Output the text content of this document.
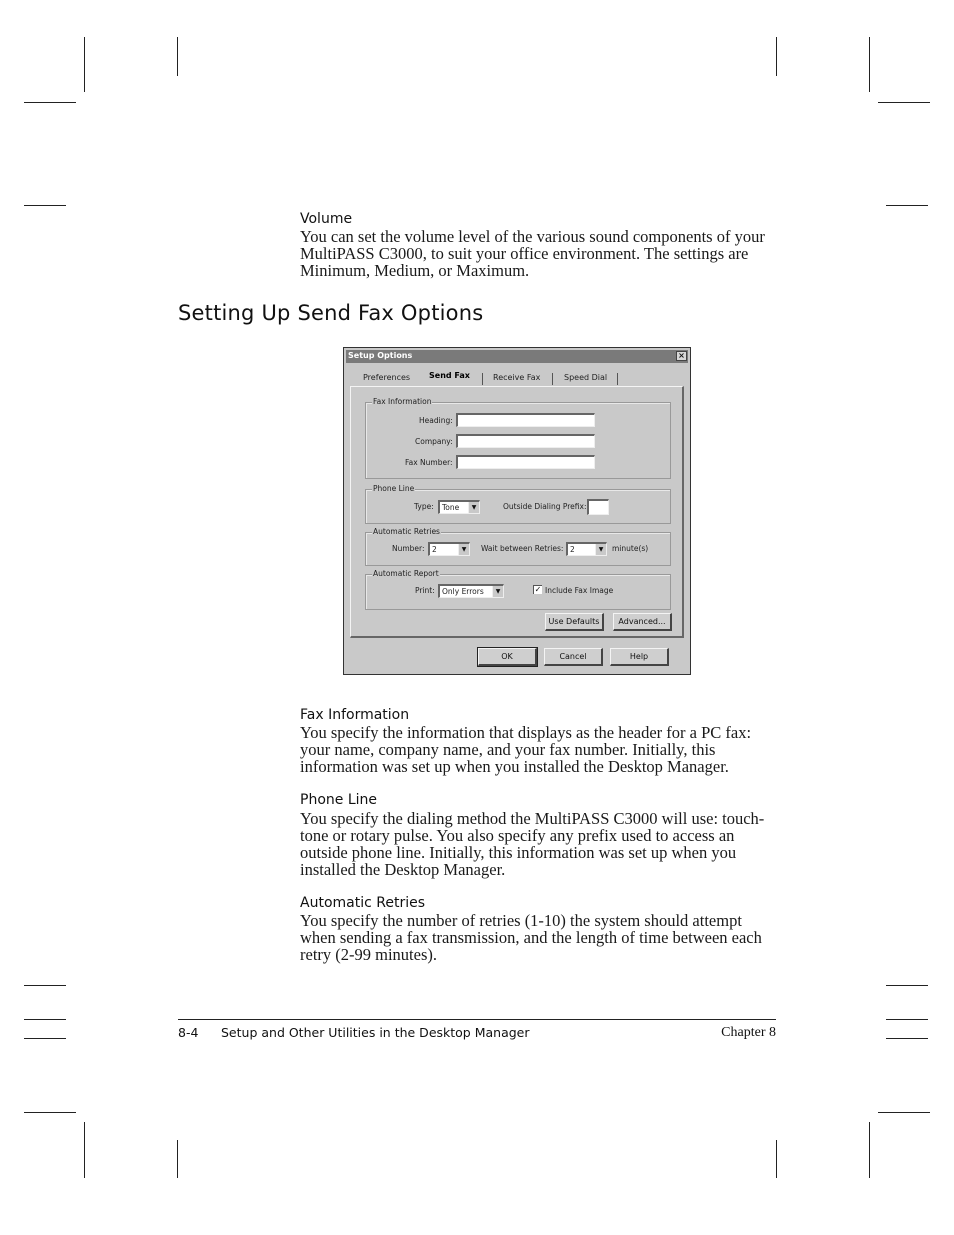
Volume
You can set the volume level of the various sound components of your MultiPASS C3000, to suit your office environment. The settings are Minimum, Medium, or Maximum.
Setting Up Send Fax Options
Setup Options	×
Preferences Send Fax	Receive Fax	Speed Dial
Fax Information
Heading:
Company:
Fax Number:
Phone Line
Type:	Tone	▼	Outside Dialing Prefix:
Automatic Retries
Number: 2	▼	Wait between Retries: 2	▼	minute(s)
Automatic Report
Print: Only Errors	▼	✓ Include Fax Image
Use Defaults	Advanced...
OK	Cancel	Help
Fax Information
You specify the information that displays as the header for a PC fax: your name, company name, and your fax number. Initially, this information was set up when you installed the Desktop Manager.
Phone Line
You specify the dialing method the MultiPASS C3000 will use: touch- tone or rotary pulse. You also specify any prefix used to access an outside phone line. Initially, this information was set up when you installed the Desktop Manager.
Automatic Retries
You specify the number of retries (1-10) the system should attempt when sending a fax transmission, and the length of time between each retry (2-99 minutes).
8-4 Setup and Other Utilities in the Desktop Manager	Chapter 8
